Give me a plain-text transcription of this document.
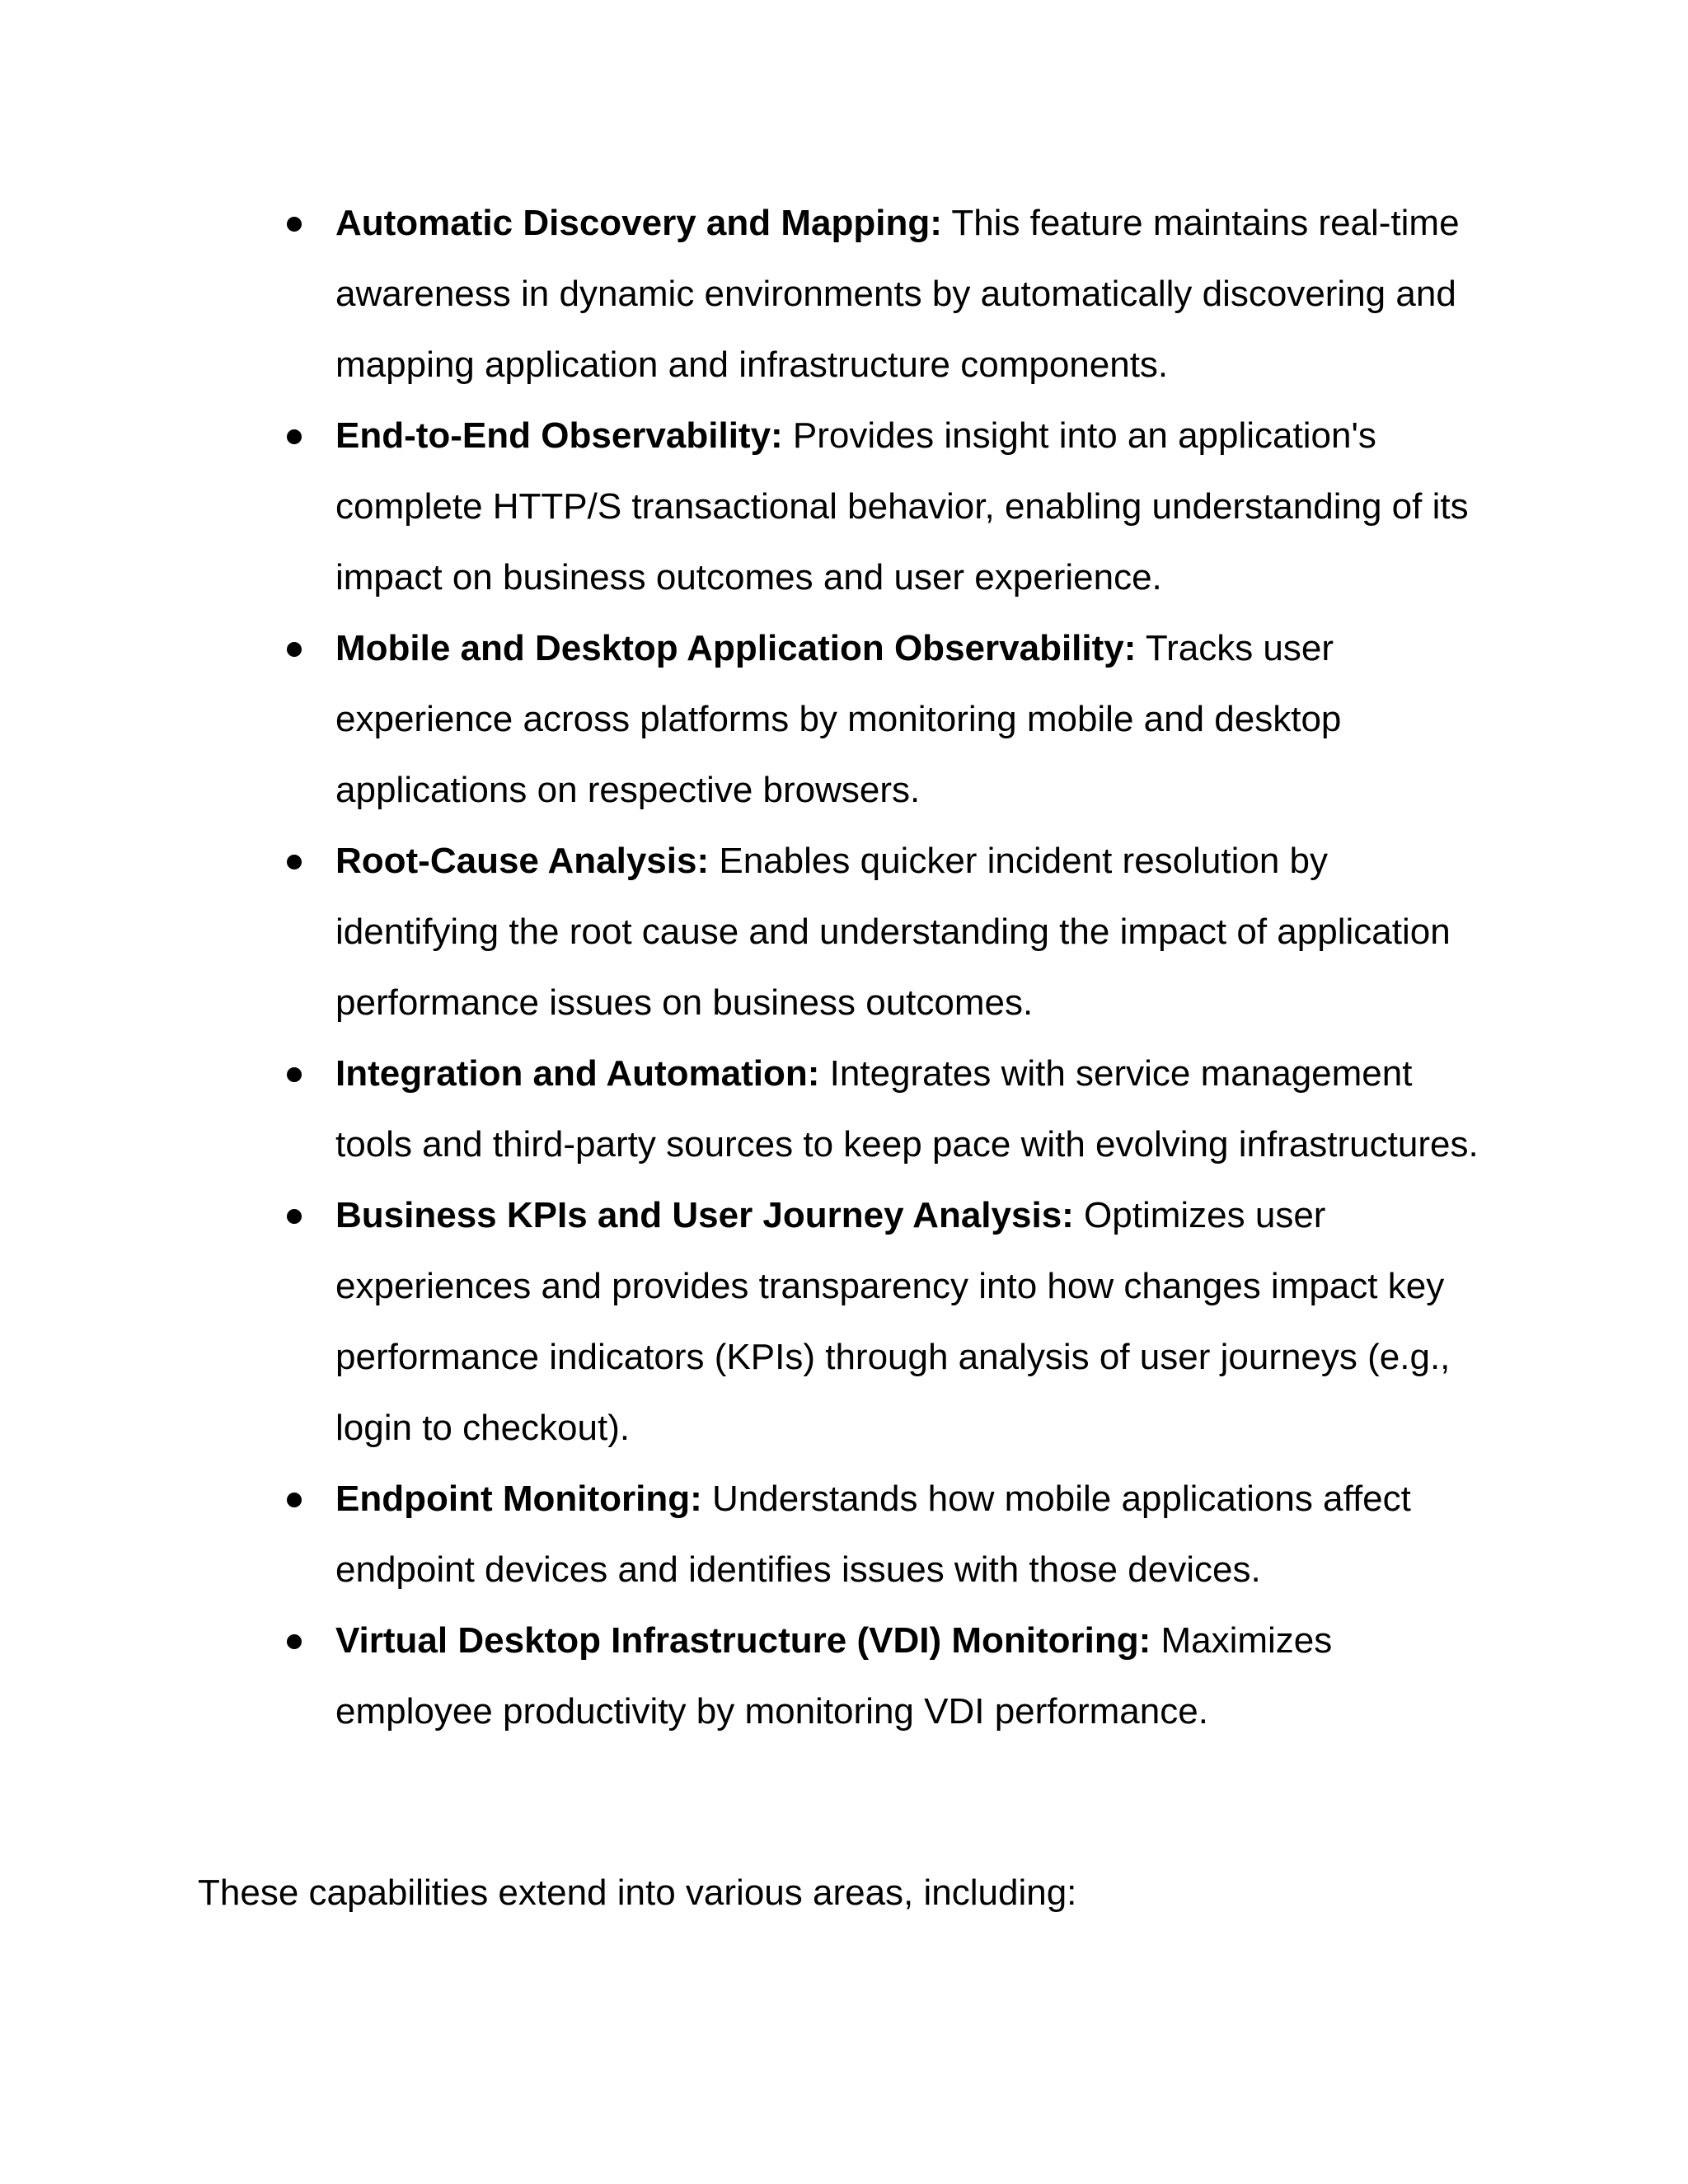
Automatic Discovery and Mapping: This feature maintains real-time awareness in dynamic environments by automatically discovering and mapping application and infrastructure components.
End-to-End Observability: Provides insight into an application's complete HTTP/S transactional behavior, enabling understanding of its impact on business outcomes and user experience.
Mobile and Desktop Application Observability: Tracks user experience across platforms by monitoring mobile and desktop applications on respective browsers.
Root-Cause Analysis: Enables quicker incident resolution by identifying the root cause and understanding the impact of application performance issues on business outcomes.
Integration and Automation: Integrates with service management tools and third-party sources to keep pace with evolving infrastructures.
Business KPIs and User Journey Analysis: Optimizes user experiences and provides transparency into how changes impact key performance indicators (KPIs) through analysis of user journeys (e.g., login to checkout).
Endpoint Monitoring: Understands how mobile applications affect endpoint devices and identifies issues with those devices.
Virtual Desktop Infrastructure (VDI) Monitoring: Maximizes employee productivity by monitoring VDI performance.

These capabilities extend into various areas, including:
